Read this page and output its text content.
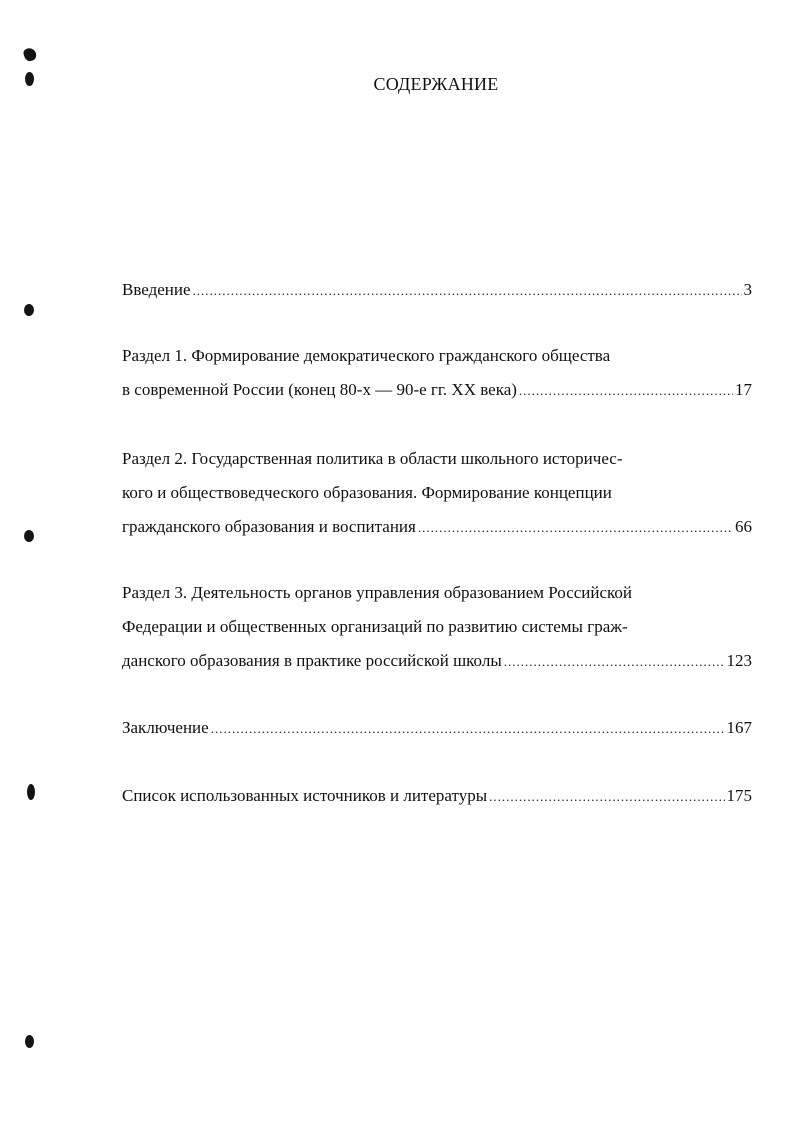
СОДЕРЖАНИЕ
Введение .....	3
Раздел 1. Формирование демократического гражданского общества
в современной России (конец 80-х — 90-е гг. XX века) .....	17
Раздел 2. Государственная политика в области школьного историчес-
кого и обществоведческого образования. Формирование концепции
гражданского образования и воспитания .....	66
Раздел 3. Деятельность органов управления образованием Российской
Федерации и общественных организаций по развитию системы граж-
данского образования в практике российской школы .....	123
Заключение .....	167
Список использованных источников и литературы .....	175
